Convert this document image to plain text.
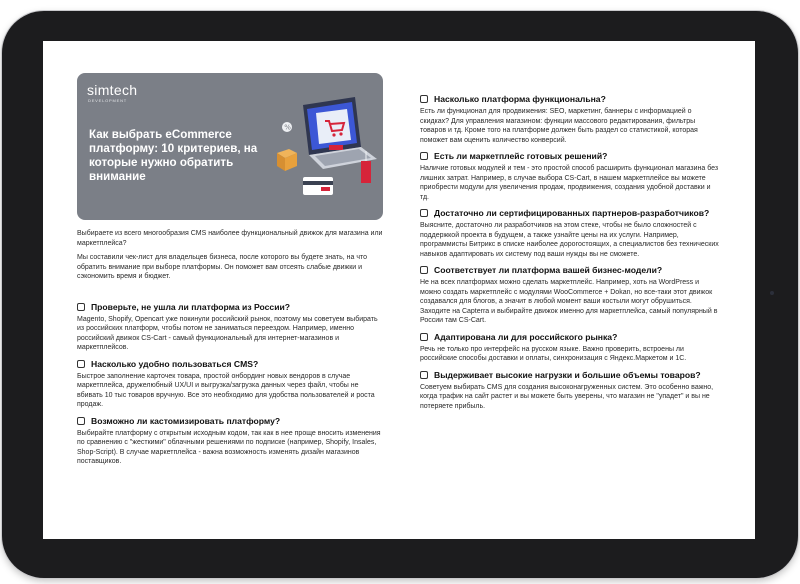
simtech
DEVELOPMENT
Как выбрать eCommerce платформу: 10 критериев, на которые нужно обратить внимание
%

Выбираете из всего многообразия CMS наиболее функциональный движок для магазина или маркетплейса?

Мы составили чек-лист для владельцев бизнеса, после которого вы будете знать, на что обратить внимание при выборе платформы. Он поможет вам отсеять слабые движки и сэкономить время и бюджет.

Проверьте, не ушла ли платформа из России?

Magento, Shopify, Opencart уже покинули российский рынок, поэтому мы советуем выбирать из российских платформ, чтобы потом не заниматься переездом. Например, именно российский движок CS-Cart - самый функциональный для интернет-магазинов и маркетплейсов.

Насколько удобно пользоваться CMS?

Быстрое заполнение карточек товара, простой онбординг новых вендоров в случае маркетплейса, дружелюбный UX/UI и выгрузка/загрузка данных через файл, чтобы не вбивать 10 тыс товаров вручную. Все это необходимо для удобства пользователей и роста продаж.

Возможно ли кастомизировать платформу?

Выбирайте платформу с открытым исходным кодом, так как в нее проще вносить изменения по сравнению с "жесткими" облачными решениями по подписке (например, Shopify, Insales, Shop-Script). В случае маркетплейса - важна возможность изменять дизайн магазинов поставщиков.

Насколько платформа функциональна?

Есть ли функционал для продвижения: SEO, маркетинг, баннеры с информацией о скидках? Для управления магазином: функции массового редактирования, фильтры товаров и тд. Кроме того на платформе должен быть раздел со статистикой, которая поможет вам оценить количество конверсий.

Есть ли маркетплейс готовых решений?

Наличие готовых модулей и тем - это простой способ расширить функционал магазина без лишних затрат. Например, в случае выбора CS-Cart, в нашем маркетплейсе вы можете приобрести модули для увеличения продаж, продвижения, создания удобной доставки и тд.

Достаточно ли сертифицированных партнеров-разработчиков?

Выясните, достаточно ли разработчиков на этом стеке, чтобы не было сложностей с поддержкой проекта в будущем, а также узнайте цены на их услуги. Например, программисты Битрикс в списке наиболее дорогостоящих, а специалистов без технических навыков адаптировать их систему под ваши нужды вы не сможете.

Соответствует ли платформа вашей бизнес-модели?

Не на всех платформах можно сделать маркетплейс. Например, хоть на WordPress и можно создать маркетплейс с модулями WooCommerce + Dokan, но все-таки этот движок создавался для блогов, а значит в любой момент ваши костыли могут обрушиться. Заходите на Capterra и выбирайте движок именно для маркетплейса, самый популярный в России там CS-Cart.

Адаптирована ли для российского рынка?

Речь не только про интерфейс на русском языке. Важно проверить, встроены ли российские способы доставки и оплаты, синхронизация с Яндекс.Маркетом и 1С.

Выдерживает высокие нагрузки и большие объемы товаров?

Советуем выбирать CMS для создания высоконагруженных систем. Это особенно важно, когда трафик на сайт растет и вы можете быть уверены, что магазин не "упадет" и вы не потеряете прибыль.
